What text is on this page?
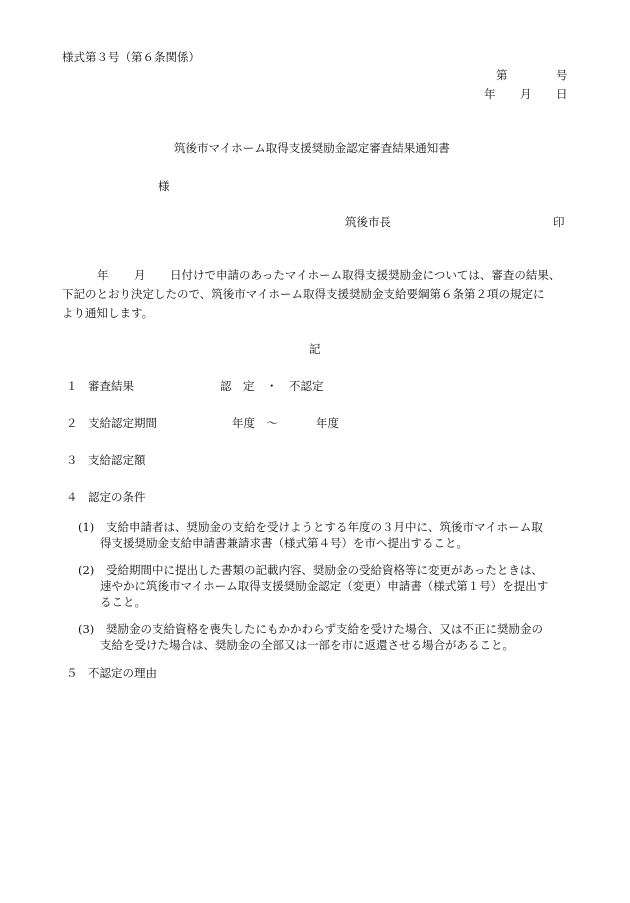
様式第３号（第６条関係）
第	号
年 月 日
筑後市マイホーム取得支援奨励金認定審査結果通知書
様
筑後市長	印
年 月 日付けで申請のあったマイホーム取得支援奨励金については、審査の結果、
下記のとおり決定したので、筑後市マイホーム取得支援奨励金支給要綱第６条第２項の規定に
より通知します。
記
１ 審査結果	認　定　・　不認定
２ 支給認定期間	年度　～	年度
３ 支給認定額
４ 認定の条件
(1) 支給申請者は、奨励金の支給を受けようとする年度の３月中に、筑後市マイホーム取
得支援奨励金支給申請書兼請求書（様式第４号）を市へ提出すること。
(2) 受給期間中に提出した書類の記載内容、奨励金の受給資格等に変更があったときは、
速やかに筑後市マイホーム取得支援奨励金認定（変更）申請書（様式第１号）を提出す
ること。
(3) 奨励金の支給資格を喪失したにもかかわらず支給を受けた場合、又は不正に奨励金の
支給を受けた場合は、奨励金の全部又は一部を市に返還させる場合があること。
５ 不認定の理由
